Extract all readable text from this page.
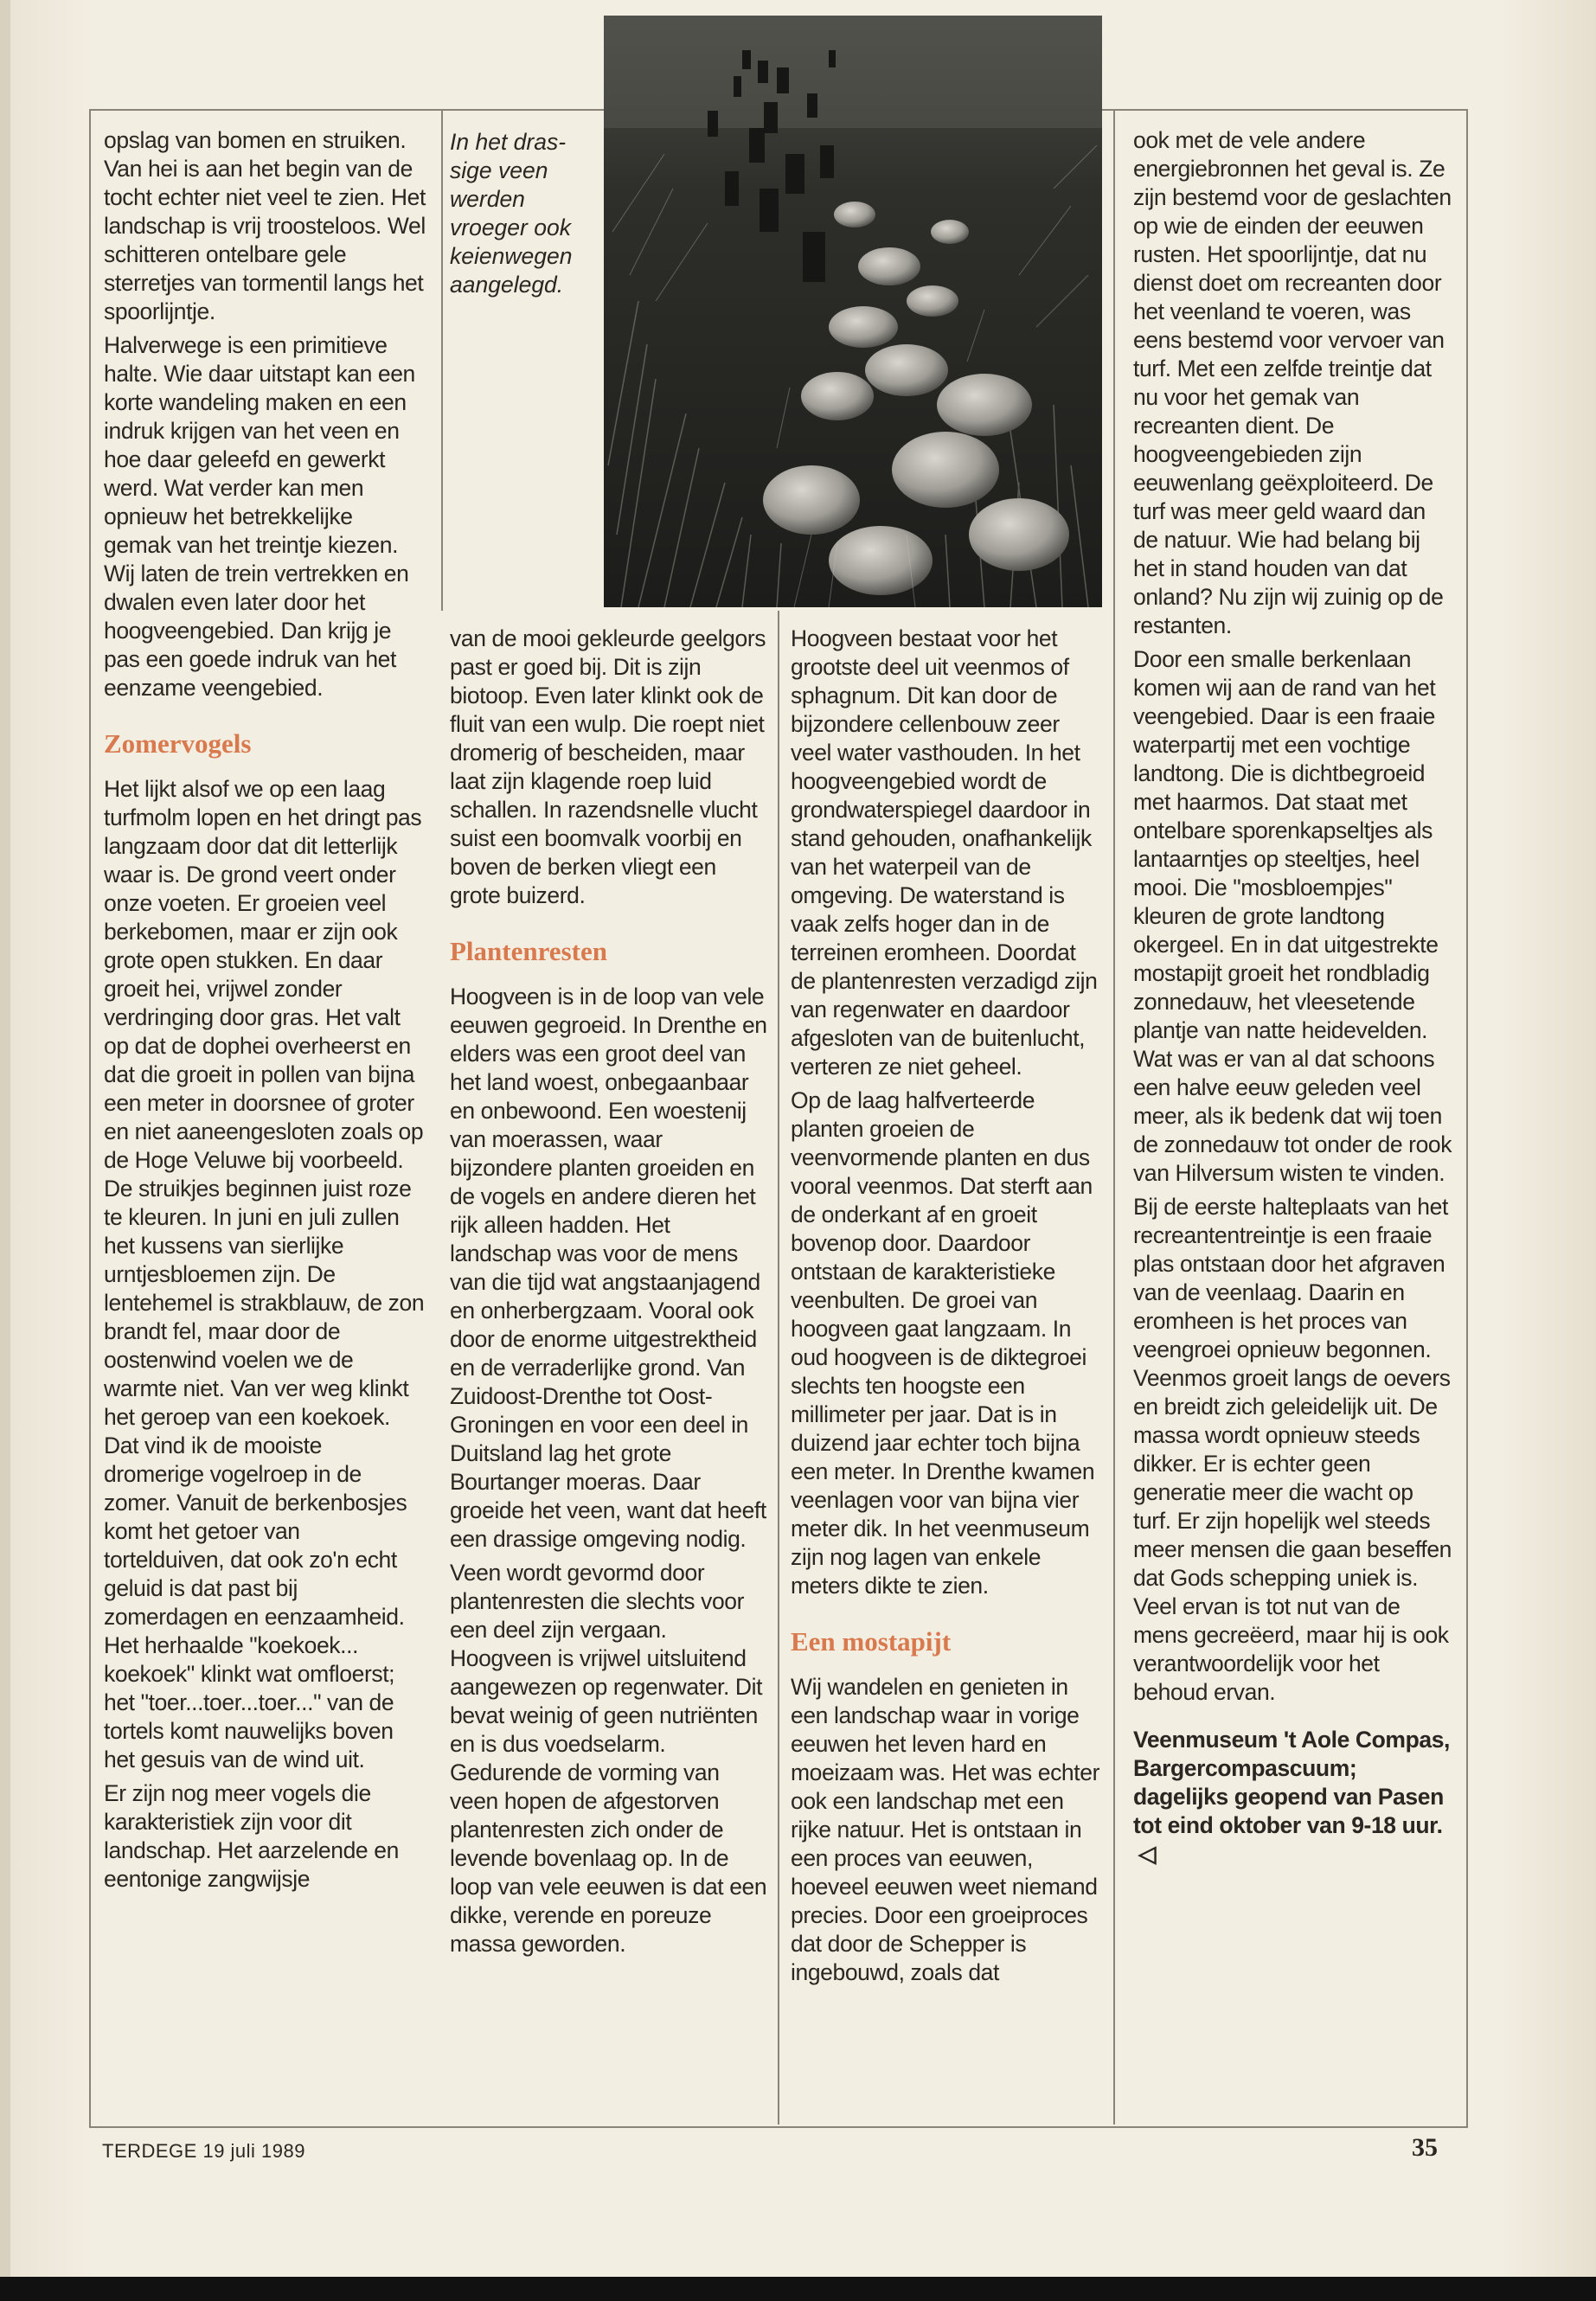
In het dras-sige veen werden vroeger ook keienwegen aangelegd.

opslag van bomen en struiken. Van hei is aan het begin van de tocht echter niet veel te zien. Het landschap is vrij troosteloos. Wel schitteren ontelbare gele sterretjes van tormentil langs het spoorlijntje.

Halverwege is een primitieve halte. Wie daar uitstapt kan een korte wandeling maken en een indruk krijgen van het veen en hoe daar geleefd en gewerkt werd. Wat verder kan men opnieuw het betrekkelijke gemak van het treintje kiezen. Wij laten de trein vertrekken en dwalen even later door het hoogveengebied. Dan krijg je pas een goede indruk van het eenzame veengebied.

Zomervogels

Het lijkt alsof we op een laag turfmolm lopen en het dringt pas langzaam door dat dit letterlijk waar is. De grond veert onder onze voeten. Er groeien veel berkebomen, maar er zijn ook grote open stukken. En daar groeit hei, vrijwel zonder verdringing door gras. Het valt op dat de dophei overheerst en dat die groeit in pollen van bijna een meter in doorsnee of groter en niet aaneengesloten zoals op de Hoge Veluwe bij voorbeeld. De struikjes beginnen juist roze te kleuren. In juni en juli zullen het kussens van sierlijke urntjesbloemen zijn. De lentehemel is strakblauw, de zon brandt fel, maar door de oostenwind voelen we de warmte niet. Van ver weg klinkt het geroep van een koekoek. Dat vind ik de mooiste dromerige vogelroep in de zomer. Vanuit de berkenbosjes komt het getoer van tortelduiven, dat ook zo'n echt geluid is dat past bij zomerdagen en eenzaamheid. Het herhaalde "koekoek... koekoek" klinkt wat omfloerst; het "toer...toer...toer..." van de tortels komt nauwelijks boven het gesuis van de wind uit.

Er zijn nog meer vogels die karakteristiek zijn voor dit landschap. Het aarzelende en eentonige zangwijsje

van de mooi gekleurde geelgors past er goed bij. Dit is zijn biotoop. Even later klinkt ook de fluit van een wulp. Die roept niet dromerig of bescheiden, maar laat zijn klagende roep luid schallen. In razendsnelle vlucht suist een boomvalk voorbij en boven de berken vliegt een grote buizerd.

Plantenresten

Hoogveen is in de loop van vele eeuwen gegroeid. In Drenthe en elders was een groot deel van het land woest, onbegaanbaar en onbewoond. Een woestenij van moerassen, waar bijzondere planten groeiden en de vogels en andere dieren het rijk alleen hadden. Het landschap was voor de mens van die tijd wat angstaanjagend en onherbergzaam. Vooral ook door de enorme uitgestrektheid en de verraderlijke grond. Van Zuidoost-Drenthe tot Oost-Groningen en voor een deel in Duitsland lag het grote Bourtanger moeras. Daar groeide het veen, want dat heeft een drassige omgeving nodig.

Veen wordt gevormd door plantenresten die slechts voor een deel zijn vergaan. Hoogveen is vrijwel uitsluitend aangewezen op regenwater. Dit bevat weinig of geen nutriënten en is dus voedselarm. Gedurende de vorming van veen hopen de afgestorven plantenresten zich onder de levende bovenlaag op. In de loop van vele eeuwen is dat een dikke, verende en poreuze massa geworden.

Hoogveen bestaat voor het grootste deel uit veenmos of sphagnum. Dit kan door de bijzondere cellenbouw zeer veel water vasthouden. In het hoogveengebied wordt de grondwaterspiegel daardoor in stand gehouden, onafhankelijk van het waterpeil van de omgeving. De waterstand is vaak zelfs hoger dan in de terreinen eromheen. Doordat de plantenresten verzadigd zijn van regenwater en daardoor afgesloten van de buitenlucht, verteren ze niet geheel.

Op de laag halfverteerde planten groeien de veenvormende planten en dus vooral veenmos. Dat sterft aan de onderkant af en groeit bovenop door. Daardoor ontstaan de karakteristieke veenbulten. De groei van hoogveen gaat langzaam. In oud hoogveen is de diktegroei slechts ten hoogste een millimeter per jaar. Dat is in duizend jaar echter toch bijna een meter. In Drenthe kwamen veenlagen voor van bijna vier meter dik. In het veenmuseum zijn nog lagen van enkele meters dikte te zien.

Een mostapijt

Wij wandelen en genieten in een landschap waar in vorige eeuwen het leven hard en moeizaam was. Het was echter ook een landschap met een rijke natuur. Het is ontstaan in een proces van eeuwen, hoeveel eeuwen weet niemand precies. Door een groeiproces dat door de Schepper is ingebouwd, zoals dat

ook met de vele andere energiebronnen het geval is. Ze zijn bestemd voor de geslachten op wie de einden der eeuwen rusten. Het spoorlijntje, dat nu dienst doet om recreanten door het veenland te voeren, was eens bestemd voor vervoer van turf. Met een zelfde treintje dat nu voor het gemak van recreanten dient. De hoogveengebieden zijn eeuwenlang geëxploiteerd. De turf was meer geld waard dan de natuur. Wie had belang bij het in stand houden van dat onland? Nu zijn wij zuinig op de restanten.

Door een smalle berkenlaan komen wij aan de rand van het veengebied. Daar is een fraaie waterpartij met een vochtige landtong. Die is dichtbegroeid met haarmos. Dat staat met ontelbare sporenkapseltjes als lantaarntjes op steeltjes, heel mooi. Die "mosbloempjes" kleuren de grote landtong okergeel. En in dat uitgestrekte mostapijt groeit het rondbladig zonnedauw, het vleesetende plantje van natte heidevelden. Wat was er van al dat schoons een halve eeuw geleden veel meer, als ik bedenk dat wij toen de zonnedauw tot onder de rook van Hilversum wisten te vinden.

Bij de eerste halteplaats van het recreantentreintje is een fraaie plas ontstaan door het afgraven van de veenlaag. Daarin en eromheen is het proces van veengroei opnieuw begonnen. Veenmos groeit langs de oevers en breidt zich geleidelijk uit. De massa wordt opnieuw steeds dikker. Er is echter geen generatie meer die wacht op turf. Er zijn hopelijk wel steeds meer mensen die gaan beseffen dat Gods schepping uniek is. Veel ervan is tot nut van de mens gecreëerd, maar hij is ook verantwoordelijk voor het behoud ervan.

Veenmuseum 't Aole Compas, Bargercompascuum; dagelijks geopend van Pasen tot eind oktober van 9-18 uur.◁

TERDEGE 19 juli 1989	35
